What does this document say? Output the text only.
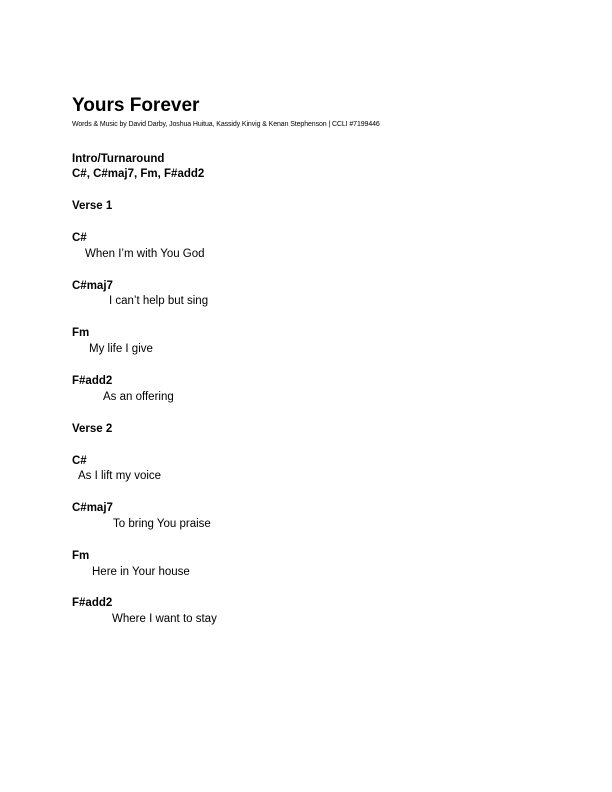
Yours Forever
Words & Music by David Darby, Joshua Huitua, Kassidy Kinvig & Kenan Stephenson | CCLI #7199446
Intro/Turnaround
C#, C#maj7, Fm, F#add2
Verse 1
C#
When I’m with You God
C#maj7
I can’t help but sing
Fm
My life I give
F#add2
As an offering
Verse 2
C#
As I lift my voice
C#maj7
To bring You praise
Fm
Here in Your house
F#add2
Where I want to stay
